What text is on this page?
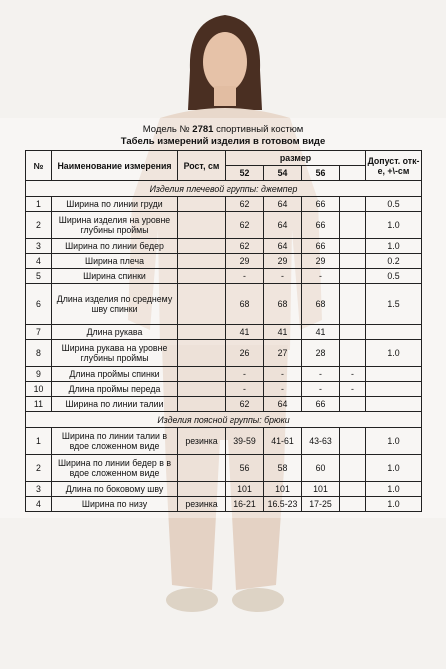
Модель № 2781 спортивный костюм
Табель измерений изделия в готовом виде
№	Наименование измерения	Рост, см	размер				Допуст. отк-е, +\-см
			52	54	56		
Изделия плечевой группы: джемпер							
1	Ширина по линии груди		62	64	66		0.5
2	Ширина изделия на уровне глубины проймы		62	64	66		1.0
3	Ширина по линии бедер		62	64	66		1.0
4	Ширина плеча		29	29	29		0.2
5	Ширина спинки		-	-	-		0.5
6	Длина изделия по среднему шву спинки		68	68	68		1.5
7	Длина рукава		41	41	41		
8	Ширина рукава на уровне глубины проймы		26	27	28		1.0
9	Длина проймы спинки		-	-	-	-	
10	Длина проймы переда		-	-	-	-	
11	Ширина по линии талии		62	64	66		
Изделия поясной группы: брюки							
1	Ширина по линии талии в вдое сложенном виде	резинка	39-59	41-61	43-63		1.0
2	Ширина по линии бедер в в вдое сложенном виде		56	58	60		1.0
3	Длина по боковому шву		101	101	101		1.0
4	Ширина по низу	резинка	16-21	16.5-23	17-25		1.0
